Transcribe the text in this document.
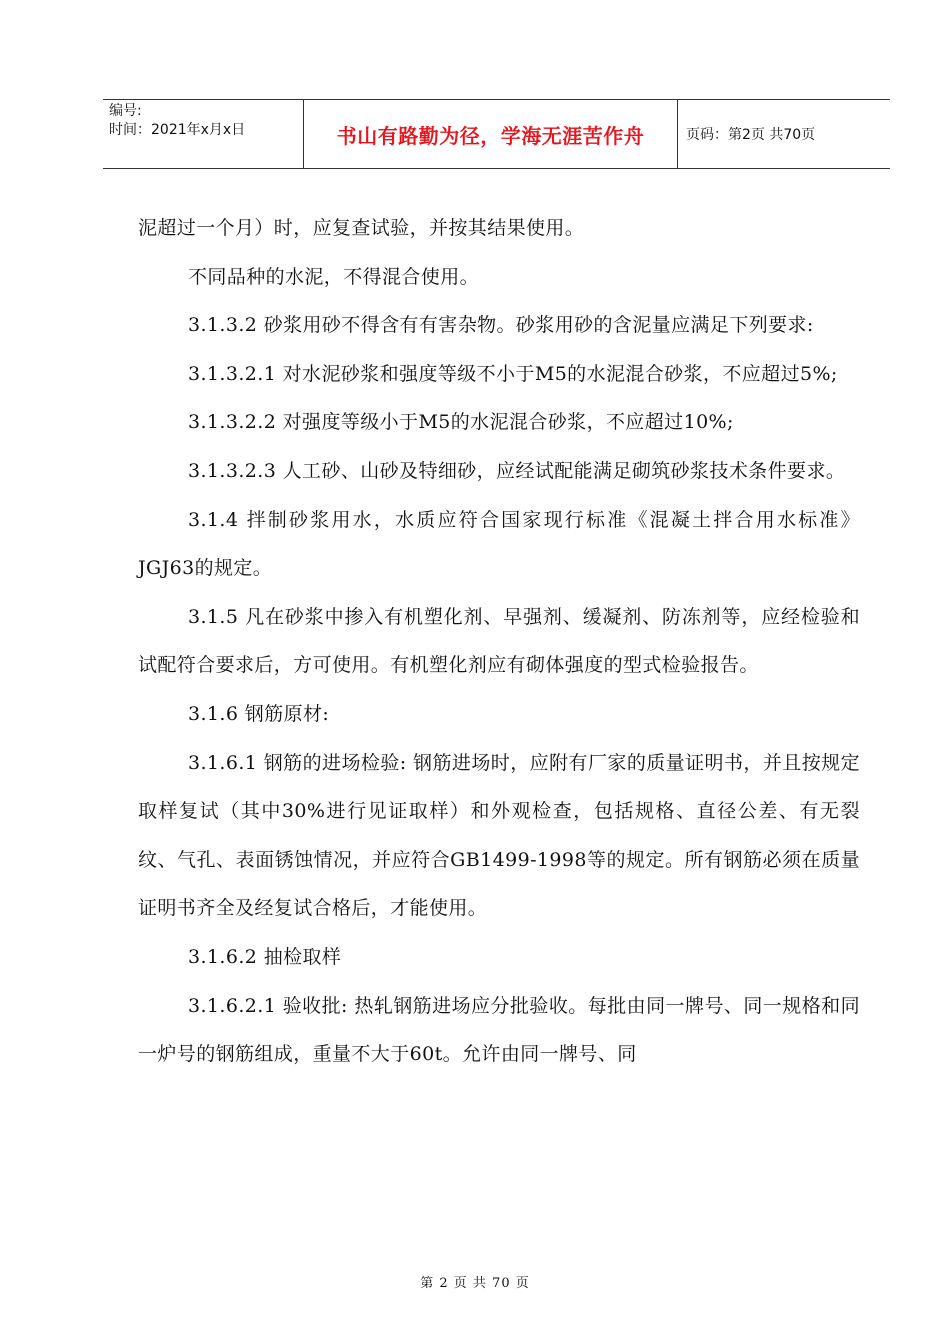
编号:
时间：2021年x月x日	书山有路勤为径，学海无涯苦作舟	页码：第2页 共70页

泥超过一个月）时，应复查试验，并按其结果使用。

不同品种的水泥，不得混合使用。

3.1.3.2 砂浆用砂不得含有有害杂物。砂浆用砂的含泥量应满足下列要求:

3.1.3.2.1 对水泥砂浆和强度等级不小于M5的水泥混合砂浆，不应超过5%;

3.1.3.2.2 对强度等级小于M5的水泥混合砂浆，不应超过10%;

3.1.3.2.3 人工砂、山砂及特细砂，应经试配能满足砌筑砂浆技术条件要求。

3.1.4 拌制砂浆用水，水质应符合国家现行标准《混凝土拌合用水标准》JGJ63的规定。

3.1.5 凡在砂浆中掺入有机塑化剂、早强剂、缓凝剂、防冻剂等，应经检验和试配符合要求后，方可使用。有机塑化剂应有砌体强度的型式检验报告。

3.1.6 钢筋原材:

3.1.6.1 钢筋的进场检验: 钢筋进场时，应附有厂家的质量证明书，并且按规定取样复试（其中30%进行见证取样）和外观检查，包括规格、直径公差、有无裂纹、气孔、表面锈蚀情况，并应符合GB1499-1998等的规定。所有钢筋必须在质量证明书齐全及经复试合格后，才能使用。

3.1.6.2 抽检取样

3.1.6.2.1 验收批: 热轧钢筋进场应分批验收。每批由同一牌号、同一规格和同一炉号的钢筋组成，重量不大于60t。允许由同一牌号、同

第 2 页 共 70 页
